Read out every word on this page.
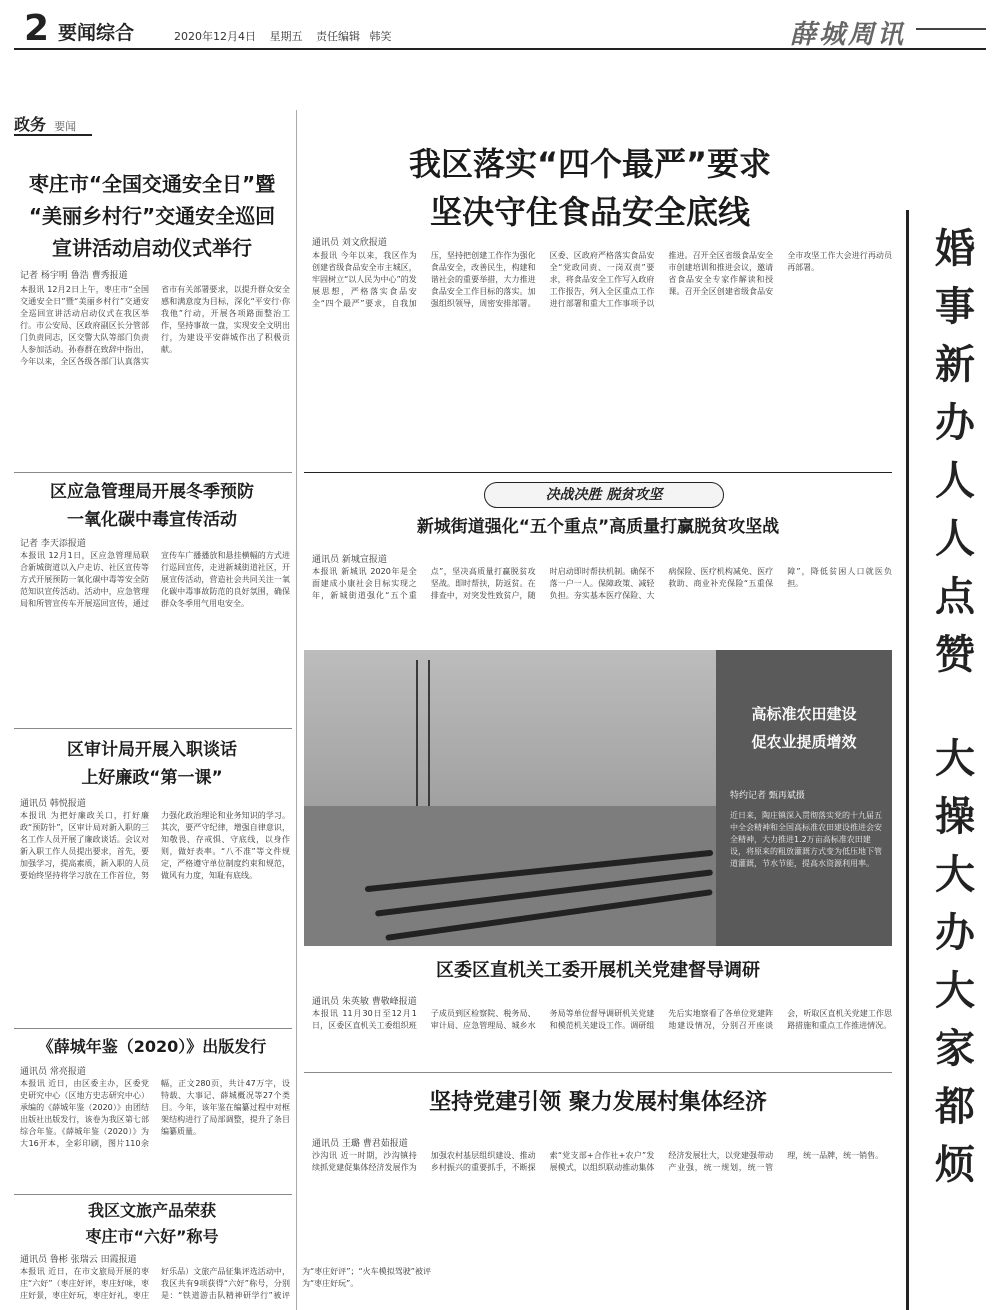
2 要闻综合	2020年12月4日 星期五 责任编辑 韩笑	薛城周讯
政务 要闻
我区落实“四个最严”要求
坚决守住食品安全底线
通讯员 刘文欣报道
本报讯 今年以来，我区作为创建省级食品安全市主城区，牢固树立“以人民为中心”的发展思想，严格落实食品安全“四个最严”要求，自我加压，坚持把创建工作作为强化食品安全，改善民生，构建和谐社会的重要举措，大力推进食品安全工作目标的落实。加强组织领导，周密安排部署。区委、区政府严格落实食品安全“党政同责、一岗双责”要求，将食品安全工作写入政府工作报告，列入全区重点工作进行部署和重大工作事项予以推进。召开全区省级食品安全市创建培训和推进会议，邀请省食品安全专家作解读和授课。召开全区创建省级食品安全市攻坚工作大会进行再动员再部署。
枣庄市“全国交通安全日”暨
“美丽乡村行”交通安全巡回
宣讲活动启动仪式举行
记者 杨宇明 鲁浩 曹秀报道
本报讯 12月2日上午，枣庄市“全国交通安全日”暨“美丽乡村行”交通安全巡回宣讲活动启动仪式在我区举行。市公安局、区政府副区长分管部门负责同志，区交警大队等部门负责人参加活动。孙春群在致辞中指出，今年以来，全区各级各部门认真落实省市有关部署要求，以提升群众安全感和满意度为目标，深化“平安行·你我他”行动，开展各项路面整治工作，坚持事故一盘，实现安全文明出行，为建设平安薛城作出了积极贡献。
区应急管理局开展冬季预防
一氧化碳中毒宣传活动
记者 李天添报道
本报讯 12月1日，区应急管理局联合新城街道以入户走访、社区宣传等方式开展预防一氧化碳中毒等安全防范知识宣传活动。活动中，应急管理局和所管宣传车开展巡回宣传，通过宣传车广播播放和悬挂横幅的方式进行巡回宣传，走进新城街道社区，开展宣传活动，营造社会共同关注一氧化碳中毒事故防范的良好氛围，确保群众冬季用气用电安全。
区审计局开展入职谈话
上好廉政“第一课”
通讯员 韩悦报道
本报讯 为把好廉政关口，打好廉政“预防针”，区审计局对新入职的三名工作人员开展了廉政谈话。会议对新入职工作人员提出要求，首先，要加强学习，提高素质，新入职的人员要始终坚持将学习放在工作首位，努力强化政治理论和业务知识的学习。其次，要严守纪律，增强自律意识，知敬畏、存戒惧、守底线，以身作则，做好表率。“八不准”等文件规定，严格遵守单位制度约束和规范，做风有力度，知耻有底线。
《薛城年鉴（2020）》出版发行
通讯员 常亮报道
本报讯 近日，由区委主办，区委党史研究中心（区地方史志研究中心）承编的《薛城年鉴（2020）》由团结出版社出版发行，该卷为我区第七部综合年鉴。《薛城年鉴（2020）》为大16开本，全彩印刷，图片110余幅，正文280页，共计47万字，设特载、大事记、薛城概况等27个类目。今年，该年鉴在编纂过程中对框架结构进行了局部调整，提升了条目编纂质量。
我区文旅产品荣获
枣庄市“六好”称号
通讯员 鲁彬 张瑞云 田霞报道
本报讯 近日，在市文旅局开展的枣庄“六好”（枣庄好评，枣庄好味，枣庄好景，枣庄好玩，枣庄好礼，枣庄好乐品）文旅产品征集评选活动中，我区共有9项获得“六好”称号，分别是：“铁道游击队精神研学行”被评为“枣庄好评”；“火车模拟驾驶”被评为“枣庄好玩”。
决战决胜 脱贫攻坚
新城街道强化“五个重点”高质量打赢脱贫攻坚战
通讯员 新城宣报道
本报讯 新城讯 2020年是全面建成小康社会目标实现之年，新城街道强化“五个重点”，坚决高质量打赢脱贫攻坚战。即时帮扶，防返贫。在排查中，对突发性致贫户，随时启动即时帮扶机制。确保不落一户一人。保障政策、减轻负担。夯实基本医疗保险、大病保险、医疗机构减免、医疗救助、商业补充保险“五重保障”，降低贫困人口就医负担。
高标准农田建设
促农业提质增效
特约记者 甄再斌摄
近日来，陶庄镇深入贯彻落实党的十九届五中全会精神和全国高标准农田建设推进会安全精神，大力推进1.2万亩高标准农田建设，将原来的粗放灌溉方式变为低压地下管道灌溉，节水节能，提高水资源利用率。
区委区直机关工委开展机关党建督导调研
通讯员 朱英敏 曹敬峰报道
本报讯 11月30日至12月1日，区委区直机关工委组织班子成员到区检察院、税务局、审计局、应急管理局、城乡水务局等单位督导调研机关党建和模范机关建设工作。调研组先后实地察看了各单位党建阵地建设情况，分别召开座谈会，听取区直机关党建工作思路措施和重点工作推进情况。
坚持党建引领 聚力发展村集体经济
通讯员 王璐 曹君茹报道
沙沟讯 近一时期，沙沟镇持续抓党建促集体经济发展作为加强农村基层组织建设、推动乡村振兴的重要抓手，不断探索“党支部+合作社+农户”发展模式，以组织联动推动集体经济发展壮大，以党建强带动产业强，统一规划，统一管理，统一品牌，统一销售。
婚事新办人人点赞
大操大办大家都烦
